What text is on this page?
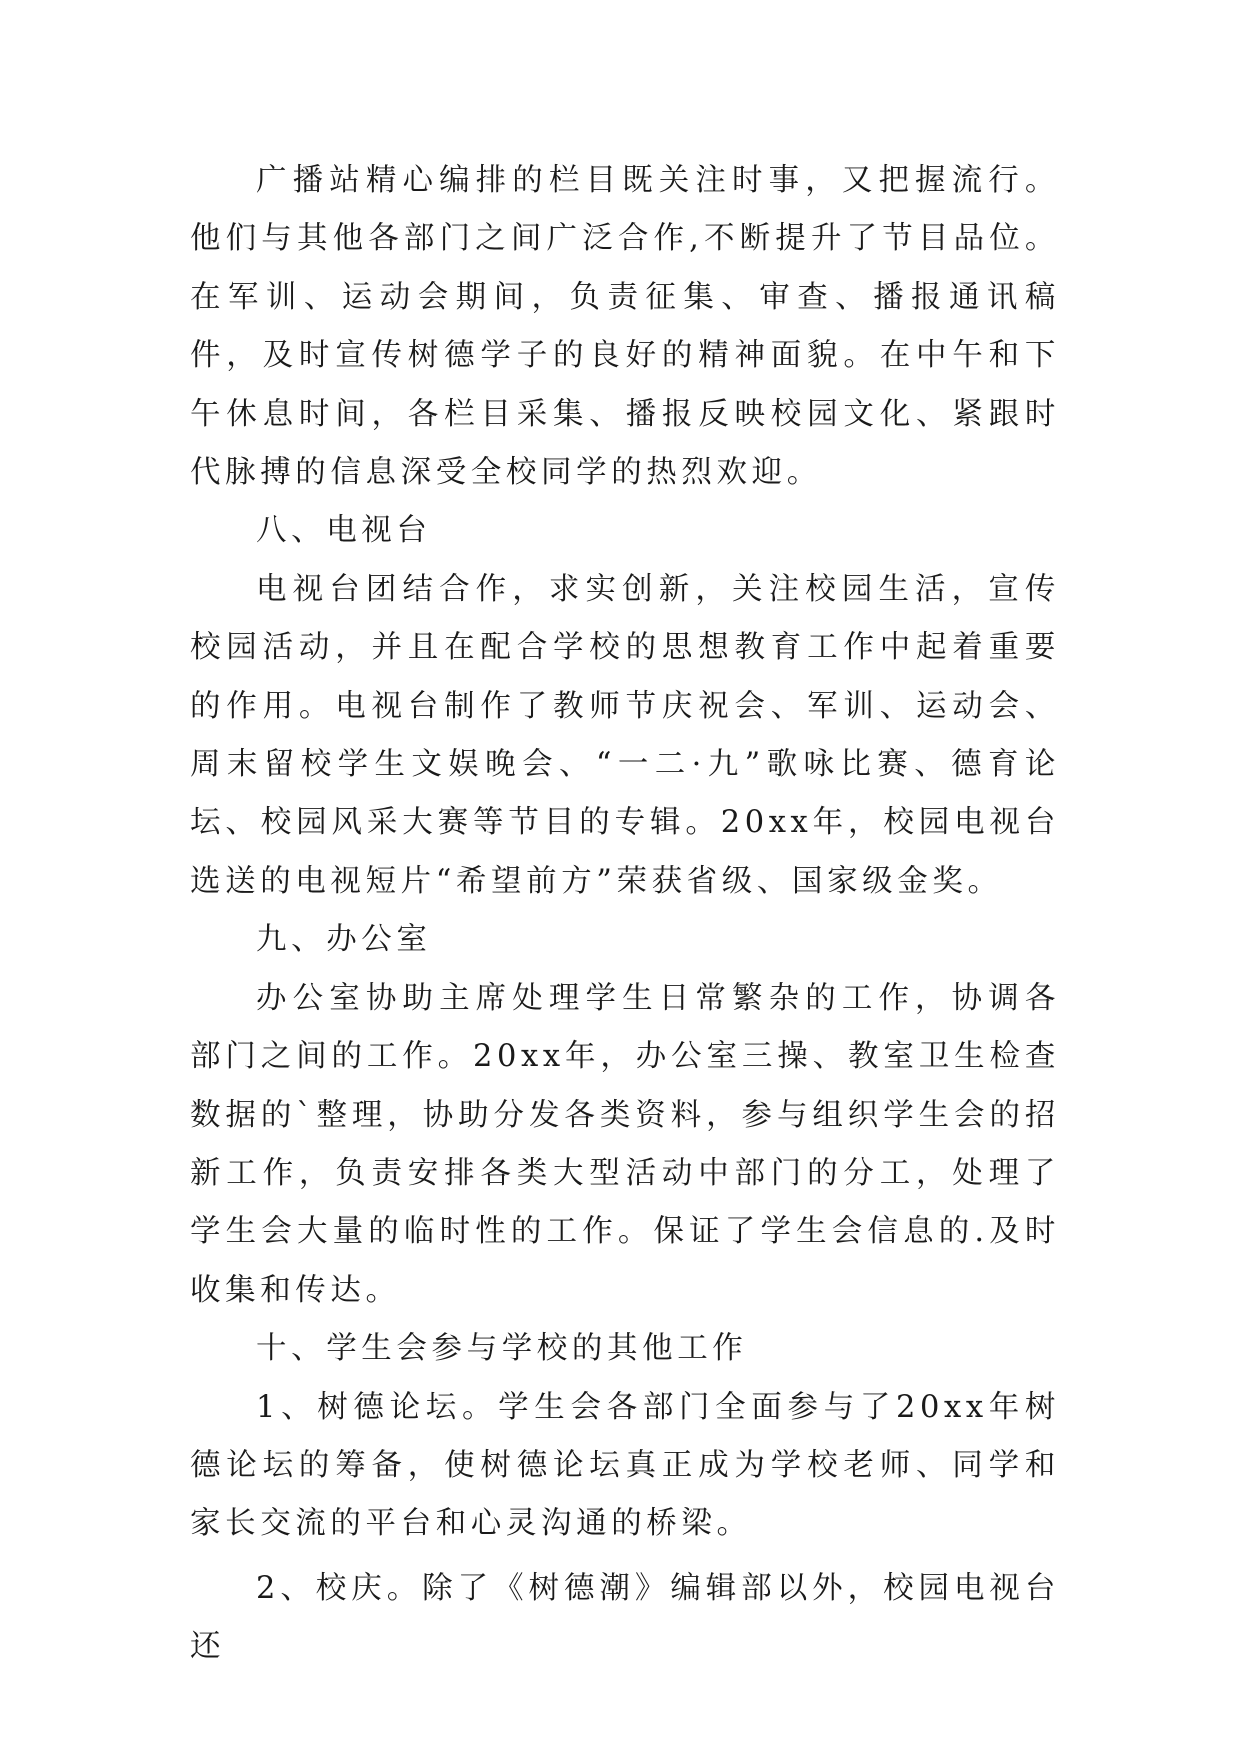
广播站精心编排的栏目既关注时事，又把握流行。他们与其他各部门之间广泛合作,不断提升了节目品位。在军训、运动会期间，负责征集、审查、播报通讯稿件，及时宣传树德学子的良好的精神面貌。在中午和下午休息时间，各栏目采集、播报反映校园文化、紧跟时代脉搏的信息深受全校同学的热烈欢迎。

八、电视台

电视台团结合作，求实创新，关注校园生活，宣传校园活动，并且在配合学校的思想教育工作中起着重要的作用。电视台制作了教师节庆祝会、军训、运动会、周末留校学生文娱晚会、“一二·九”歌咏比赛、德育论坛、校园风采大赛等节目的专辑。20xx年，校园电视台选送的电视短片“希望前方”荣获省级、国家级金奖。

九、办公室

办公室协助主席处理学生日常繁杂的工作，协调各部门之间的工作。20xx年，办公室三操、教室卫生检查数据的`整理，协助分发各类资料，参与组织学生会的招新工作，负责安排各类大型活动中部门的分工，处理了学生会大量的临时性的工作。保证了学生会信息的.及时收集和传达。

十、学生会参与学校的其他工作

1、树德论坛。学生会各部门全面参与了20xx年树德论坛的筹备，使树德论坛真正成为学校老师、同学和家长交流的平台和心灵沟通的桥梁。

2、校庆。除了《树德潮》编辑部以外，校园电视台还
